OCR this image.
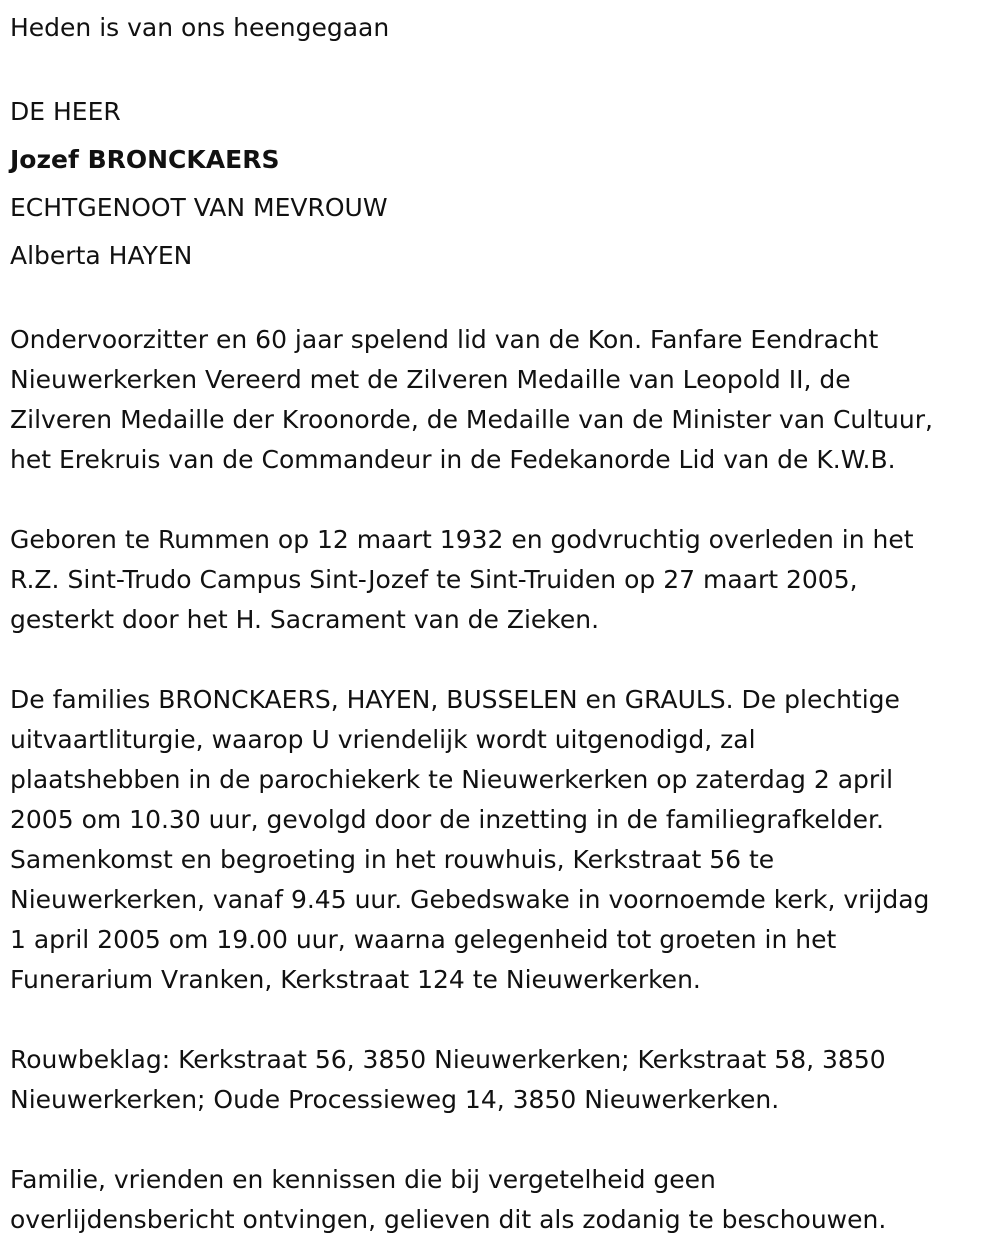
Heden is van ons heengegaan

DE HEER

Jozef BRONCKAERS

ECHTGENOOT VAN MEVROUW

Alberta HAYEN

Ondervoorzitter en 60 jaar spelend lid van de Kon. Fanfare Eendracht

Nieuwerkerken Vereerd met de Zilveren Medaille van Leopold II, de

Zilveren Medaille der Kroonorde, de Medaille van de Minister van Cultuur,

het Erekruis van de Commandeur in de Fedekanorde Lid van de K.W.B.

Geboren te Rummen op 12 maart 1932 en godvruchtig overleden in het

R.Z. Sint-Trudo Campus Sint-Jozef te Sint-Truiden op 27 maart 2005,

gesterkt door het H. Sacrament van de Zieken.

De families BRONCKAERS, HAYEN, BUSSELEN en GRAULS. De plechtige

uitvaartliturgie, waarop U vriendelijk wordt uitgenodigd, zal

plaatshebben in de parochiekerk te Nieuwerkerken op zaterdag 2 april

2005 om 10.30 uur, gevolgd door de inzetting in de familiegrafkelder.

Samenkomst en begroeting in het rouwhuis, Kerkstraat 56 te

Nieuwerkerken, vanaf 9.45 uur. Gebedswake in voornoemde kerk, vrijdag

1 april 2005 om 19.00 uur, waarna gelegenheid tot groeten in het

Funerarium Vranken, Kerkstraat 124 te Nieuwerkerken.

Rouwbeklag: Kerkstraat 56, 3850 Nieuwerkerken; Kerkstraat 58, 3850

Nieuwerkerken; Oude Processieweg 14, 3850 Nieuwerkerken.

Familie, vrienden en kennissen die bij vergetelheid geen

overlijdensbericht ontvingen, gelieven dit als zodanig te beschouwen.
